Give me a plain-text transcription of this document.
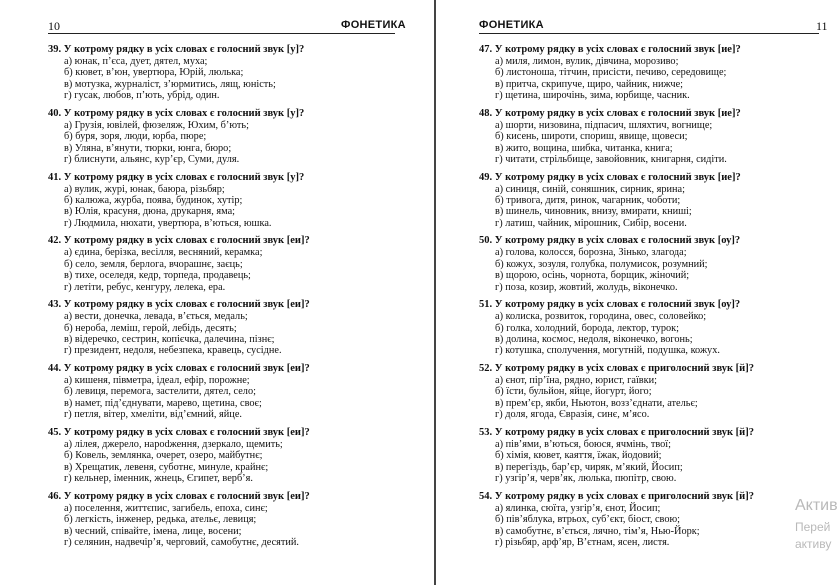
10	ФОНЕТИКА
39. У котрому рядку в усіх словах є голосний звук [у]?
а) юнак, п’єса, дует, дятел, муха;
б) кювет, в’юн, увертюра, Юрій, люлька;
в) мотузка, журналіст, з’юрмитись, лящ, юність;
г) гусак, любов, п’ють, убрід, один.
40. У котрому рядку в усіх словах є голосний звук [у]?
а) Грузія, ювілей, фюзеляж, Юхим, б’ють;
б) буря, зоря, люди, юрба, пюре;
в) Уляна, в’янути, тюрки, юнга, бюро;
г) блиснути, альянс, кур’єр, Суми, дуля.
41. У котрому рядку в усіх словах є голосний звук [у]?
а) вулик, журі, юнак, баюра, різьбяр;
б) калюжа, журба, поява, будинок, хутір;
в) Юлія, красуня, дюна, друкарня, яма;
г) Людмила, нюхати, увертюра, в’ються, юшка.
42. У котрому рядку в усіх словах є голосний звук [еи]?
а) єдина, берізка, весілля, весняний, керамка;
б) село, земля, берлога, вчорашнє, заєць;
в) тихе, оселедя, кедр, торпеда, продавець;
г) летіти, ребус, кенгуру, лелека, ера.
43. У котрому рядку в усіх словах є голосний звук [еи]?
а) вести, донечка, левада, в’ється, медаль;
б) нероба, леміш, герой, лебідь, десять;
в) відеречко, сестрин, копієчка, далечина, пізнє;
г) президент, недоля, небезпека, кравець, сусідне.
44. У котрому рядку в усіх словах є голосний звук [еи]?
а) кишеня, півметра, ідеал, ефір, порожне;
б) левиця, перемога, застелити, дятел, село;
в) намет, під’єднувати, марево, щетина, своє;
г) петля, вітер, хмеліти, від’ємний, яйце.
45. У котрому рядку в усіх словах є голосний звук [еи]?
а) лілея, джерело, нарodження, дзеркало, щемить;
б) Ковель, землянка, очерет, озеро, майбутнє;
в) Хрещатик, левеня, суботнє, минуле, крайнє;
г) кельнер, іменник, жнець, Єгипет, верб’я.
46. У котрому рядку в усіх словах є голосний звук [еи]?
а) поселення, життєпис, загибель, епоха, синє;
б) легкість, інженер, редька, ательє, левиця;
в) чесний, співайте, імена, лице, восени;
г) селянин, надвечір’я, черговий, самобутнє, десятий.
ФОНЕТИКА	11
47. У котрому рядку в усіх словах є голосний звук [ие]?
а) миля, лимон, вулик, дівчина, морозиво;
б) листоноша, тітчин, присісти, печиво, середовище;
в) притча, скрипуче, щиро, чайник, нижче;
г) щетина, широчінь, зима, юрбище, часник.
48. У котрому рядку в усіх словах є голосний звук [ие]?
а) шорти, низовина, підпасич, шляхтич, вогнище;
б) кисень, широти, спориш, явище, щовеси;
в) жито, вощина, шибка, читанка, книга;
г) читати, стрільбище, завойовник, книгарня, сидіти.
49. У котрому рядку в усіх словах є голосний звук [ие]?
а) синиця, синій, соняшник, сирник, ярина;
б) тривога, дитя, ринок, чагарник, чоботи;
в) шинель, чиновник, внизу, вмирати, книші;
г) латиш, чайник, мірошник, Сибір, восени.
50. У котрому рядку в усіх словах є голосний звук [оу]?
а) голова, колосся, борозна, Зінько, злагода;
б) кожух, зозуля, голубка, полумисок, розумний;
в) щорою, осінь, чорнота, борщик, жіночий;
г) поза, козир, жовтий, жолудь, віконечко.
51. У котрому рядку в усіх словах є голосний звук [оу]?
а) колиска, розвиток, городина, овес, соловейко;
б) голка, холодний, борода, лектор, турок;
в) долина, космос, недоля, віконечко, вогонь;
г) котушка, сполучення, могутній, подушка, кожух.
52. У котрому рядку в усіх словах є приголосний звук [й]?
а) єнот, пір’їна, рядно, юрист, гаївки;
б) їсти, бульйон, яйце, йогурт, його;
в) прем’єр, якби, Ньютон, возз’єднати, ательє;
г) доля, ягода, Євразія, синє, м’ясо.
53. У котрому рядку в усіх словах є приголосний звук [й]?
а) пів’ями, в’ються, боюся, ячмінь, твої;
б) хімія, кювет, каяття, їжак, йодовий;
в) перегіздь, бар’єр, чиряк, м’який, Йосип;
г) узгір’я, черв’як, люлька, пюпітр, свою.
54. У котрому рядку в усіх словах є приголосний звук [й]?
а) ялинка, сюїта, узгір’я, єнот, Йосип;
б) пів’яблука, втрьох, суб’єкт, біост, свою;
в) самобутнє, в’ється, лячно, тім’я, Нью-Йорк;
г) різьбяр, арф’яр, В’єтнам, ясен, листя.
Актив
Перей
активу
